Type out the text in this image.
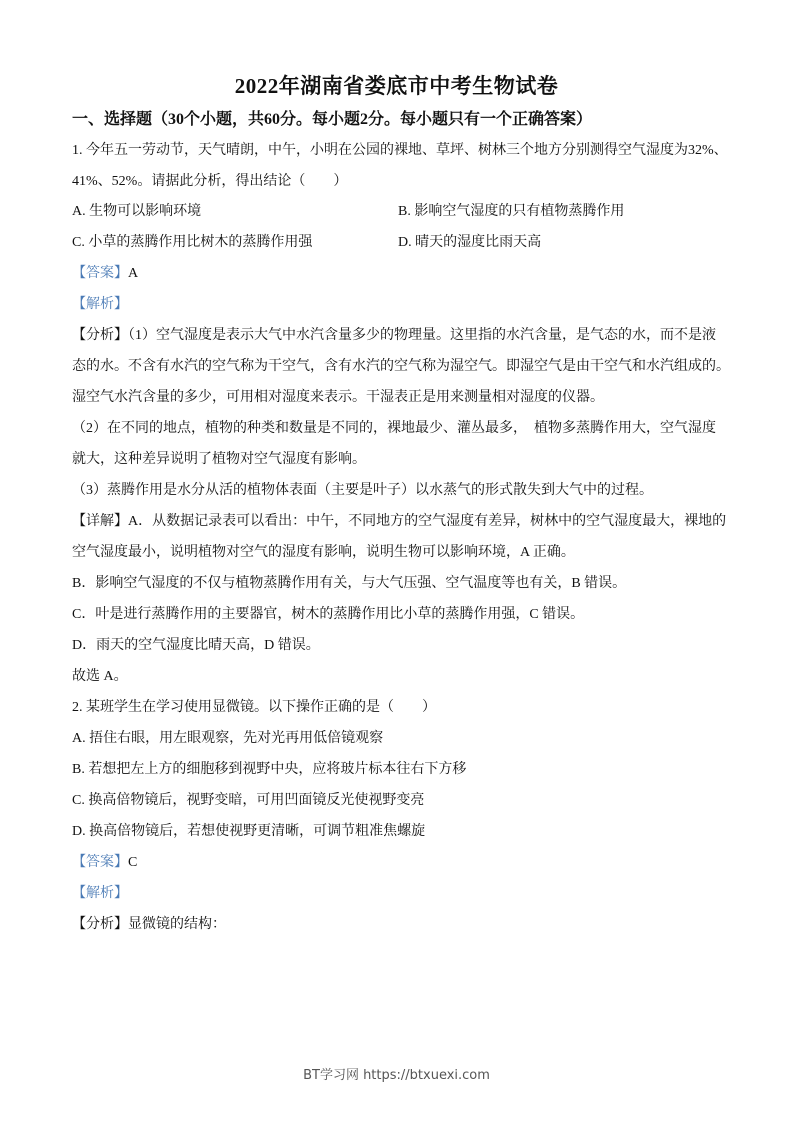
2022年湖南省娄底市中考生物试卷
一、选择题（30个小题，共60分。每小题2分。每小题只有一个正确答案）
1. 今年五一劳动节，天气晴朗，中午，小明在公园的裸地、草坪、树林三个地方分别测得空气湿度为32%、
41%、52%。请据此分析，得出结论（　　）
A. 生物可以影响环境	B. 影响空气湿度的只有植物蒸腾作用
C. 小草的蒸腾作用比树木的蒸腾作用强	D. 晴天的湿度比雨天高
【答案】A
【解析】
【分析】（1）空气湿度是表示大气中水汽含量多少的物理量。这里指的水汽含量，是气态的水，而不是液
态的水。不含有水汽的空气称为干空气，含有水汽的空气称为湿空气。即湿空气是由干空气和水汽组成的。
湿空气水汽含量的多少，可用相对湿度来表示。干湿表正是用来测量相对湿度的仪器。
（2）在不同的地点，植物的种类和数量是不同的，裸地最少、灌丛最多，　植物多蒸腾作用大，空气湿度
就大，这种差异说明了植物对空气湿度有影响。
（3）蒸腾作用是水分从活的植物体表面（主要是叶子）以水蒸气的形式散失到大气中的过程。
【详解】A．从数据记录表可以看出：中午，不同地方的空气湿度有差异，树林中的空气湿度最大，裸地的
空气湿度最小，说明植物对空气的湿度有影响，说明生物可以影响环境，A 正确。
B．影响空气湿度的不仅与植物蒸腾作用有关，与大气压强、空气温度等也有关，B 错误。
C．叶是进行蒸腾作用的主要器官，树木的蒸腾作用比小草的蒸腾作用强，C 错误。
D．雨天的空气湿度比晴天高，D 错误。
故选 A。
2. 某班学生在学习使用显微镜。以下操作正确的是（　　）
A. 捂住右眼，用左眼观察，先对光再用低倍镜观察
B. 若想把左上方的细胞移到视野中央，应将玻片标本往右下方移
C. 换高倍物镜后，视野变暗，可用凹面镜反光使视野变亮
D. 换高倍物镜后，若想使视野更清晰，可调节粗准焦螺旋
【答案】C
【解析】
【分析】显微镜的结构：
BT学习网 https://btxuexi.com
